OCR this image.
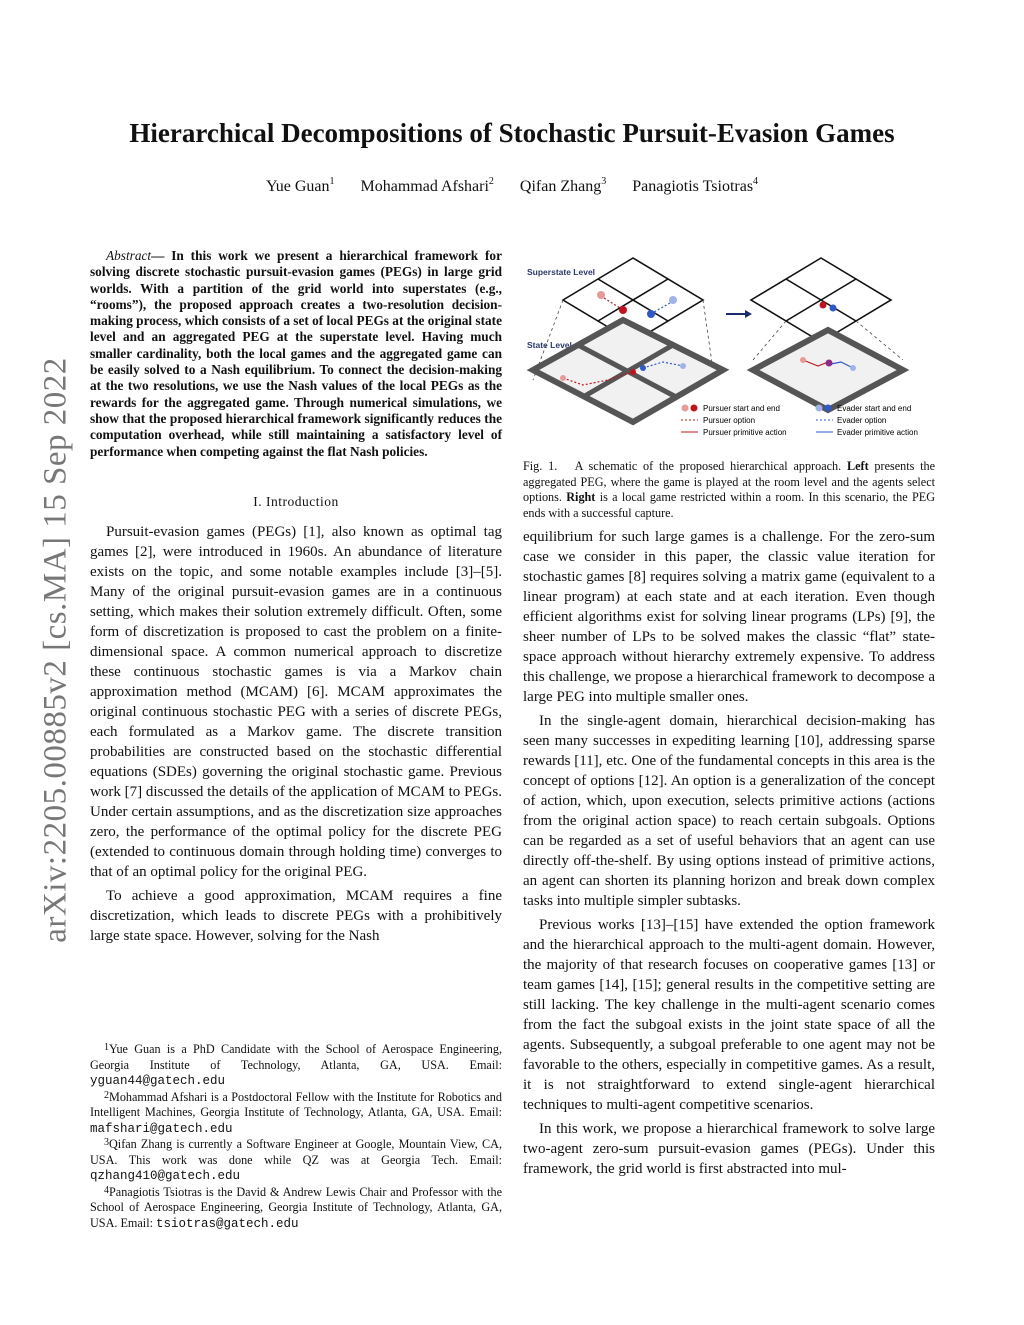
arXiv:2205.00885v2 [cs.MA] 15 Sep 2022
Hierarchical Decompositions of Stochastic Pursuit-Evasion Games
Yue Guan$^1$ Mohammad Afshari$^2$ Qifan Zhang$^3$ Panagiotis Tsiotras$^4$

Abstract— In this work we present a hierarchical framework for solving discrete stochastic pursuit-evasion games (PEGs) in large grid worlds. With a partition of the grid world into superstates (e.g., “rooms”), the proposed approach creates a two-resolution decision-making process, which consists of a set of local PEGs at the original state level and an aggregated PEG at the superstate level. Having much smaller cardinality, both the local games and the aggregated game can be easily solved to a Nash equilibrium. To connect the decision-making at the two resolutions, we use the Nash values of the local PEGs as the rewards for the aggregated game. Through numerical simulations, we show that the proposed hierarchical framework significantly reduces the computation overhead, while still maintaining a satisfactory level of performance when competing against the flat Nash policies.

I. Introduction

Pursuit-evasion games (PEGs) [1], also known as optimal tag games [2], were introduced in 1960s. An abundance of literature exists on the topic, and some notable examples include [3]–[5]. Many of the original pursuit-evasion games are in a continuous setting, which makes their solution extremely difficult. Often, some form of discretization is proposed to cast the problem on a finite-dimensional space. A common numerical approach to discretize these continuous stochastic games is via a Markov chain approximation method (MCAM) [6]. MCAM approximates the original continuous stochastic PEG with a series of discrete PEGs, each formulated as a Markov game. The discrete transition probabilities are constructed based on the stochastic differential equations (SDEs) governing the original stochastic game. Previous work [7] discussed the details of the application of MCAM to PEGs. Under certain assumptions, and as the discretization size approaches zero, the performance of the optimal policy for the discrete PEG (extended to continuous domain through holding time) converges to that of an optimal policy for the original PEG.

To achieve a good approximation, MCAM requires a fine discretization, which leads to discrete PEGs with a prohibitively large state space. However, solving for the Nash

$^1$Yue Guan is a PhD Candidate with the School of Aerospace Engineering, Georgia Institute of Technology, Atlanta, GA, USA. Email: yguan44@gatech.edu

$^2$Mohammad Afshari is a Postdoctoral Fellow with the Institute for Robotics and Intelligent Machines, Georgia Institute of Technology, Atlanta, GA, USA. Email: mafshari@gatech.edu

$^3$Qifan Zhang is currently a Software Engineer at Google, Mountain View, CA, USA. This work was done while QZ was at Georgia Tech. Email: qzhang410@gatech.edu

$^4$Panagiotis Tsiotras is the David & Andrew Lewis Chair and Professor with the School of Aerospace Engineering, Georgia Institute of Technology, Atlanta, GA, USA. Email: tsiotras@gatech.edu

Superstate Level
State Level
Pursuer start and end
Pursuer option
Pursuer primitive action
Evader start and end
Evader option
Evader primitive action

Fig. 1. A schematic of the proposed hierarchical approach. Left presents the aggregated PEG, where the game is played at the room level and the agents select options. Right is a local game restricted within a room. In this scenario, the PEG ends with a successful capture.

equilibrium for such large games is a challenge. For the zero-sum case we consider in this paper, the classic value iteration for stochastic games [8] requires solving a matrix game (equivalent to a linear program) at each state and at each iteration. Even though efficient algorithms exist for solving linear programs (LPs) [9], the sheer number of LPs to be solved makes the classic “flat” state-space approach without hierarchy extremely expensive. To address this challenge, we propose a hierarchical framework to decompose a large PEG into multiple smaller ones.

In the single-agent domain, hierarchical decision-making has seen many successes in expediting learning [10], addressing sparse rewards [11], etc. One of the fundamental concepts in this area is the concept of options [12]. An option is a generalization of the concept of action, which, upon execution, selects primitive actions (actions from the original action space) to reach certain subgoals. Options can be regarded as a set of useful behaviors that an agent can use directly off-the-shelf. By using options instead of primitive actions, an agent can shorten its planning horizon and break down complex tasks into multiple simpler subtasks.

Previous works [13]–[15] have extended the option framework and the hierarchical approach to the multi-agent domain. However, the majority of that research focuses on cooperative games [13] or team games [14], [15]; general results in the competitive setting are still lacking. The key challenge in the multi-agent scenario comes from the fact the subgoal exists in the joint state space of all the agents. Subsequently, a subgoal preferable to one agent may not be favorable to the others, especially in competitive games. As a result, it is not straightforward to extend single-agent hierarchical techniques to multi-agent competitive scenarios.

In this work, we propose a hierarchical framework to solve large two-agent zero-sum pursuit-evasion games (PEGs). Under this framework, the grid world is first abstracted into mul-
